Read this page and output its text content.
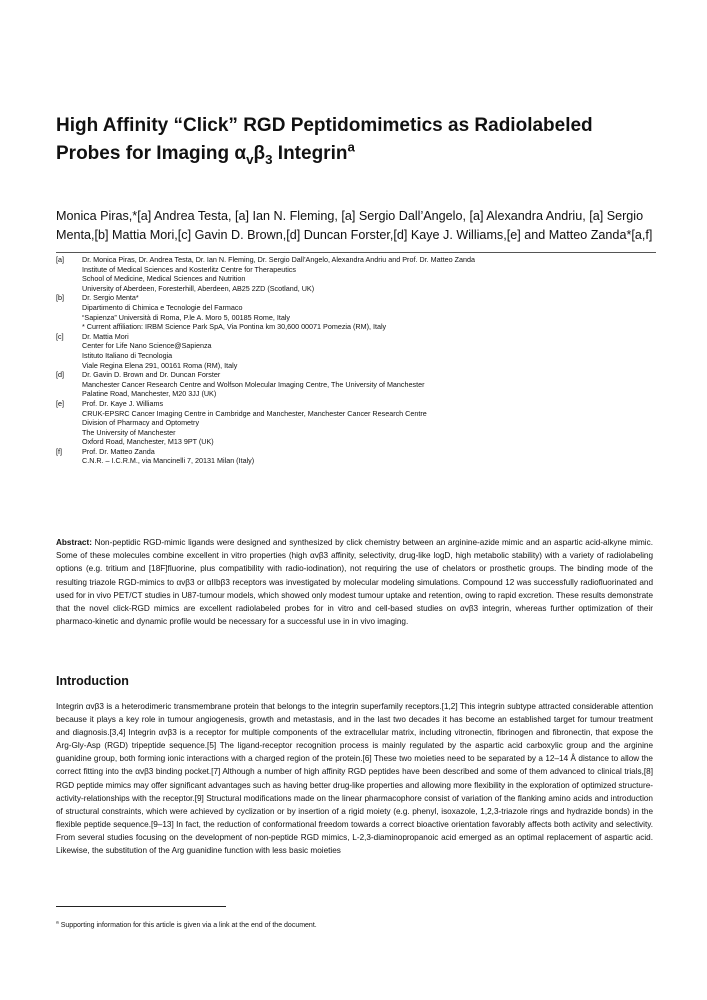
High Affinity “Click” RGD Peptidomimetics as Radiolabeled Probes for Imaging $\alpha_v\beta_3$ Integrin$^a$

Monica Piras,*[a] Andrea Testa, [a] Ian N. Fleming, [a] Sergio Dall’Angelo, [a] Alexandra Andriu, [a] Sergio Menta,[b] Mattia Mori,[c] Gavin D. Brown,[d] Duncan Forster,[d] Kaye J. Williams,[e] and Matteo Zanda*[a,f]

[a]	Dr. Monica Piras, Dr. Andrea Testa, Dr. Ian N. Fleming, Dr. Sergio Dall’Angelo, Alexandra Andriu and Prof. Dr. Matteo Zanda
Institute of Medical Sciences and Kosterlitz Centre for Therapeutics
School of Medicine, Medical Sciences and Nutrition
University of Aberdeen, Foresterhill, Aberdeen, AB25 2ZD (Scotland, UK)
[b]	Dr. Sergio Menta*
Dipartimento di Chimica e Tecnologie del Farmaco
“Sapienza” Università di Roma, P.le A. Moro 5, 00185 Rome, Italy
* Current affiliation: IRBM Science Park SpA, Via Pontina km 30,600 00071 Pomezia (RM), Italy
[c]	Dr. Mattia Mori
Center for Life Nano Science@Sapienza
Istituto Italiano di Tecnologia
Viale Regina Elena 291, 00161 Roma (RM), Italy
[d]	Dr. Gavin D. Brown and Dr. Duncan Forster
Manchester Cancer Research Centre and Wolfson Molecular Imaging Centre, The University of Manchester
Palatine Road, Manchester, M20 3JJ (UK)
[e]	Prof. Dr. Kaye J. Williams
CRUK-EPSRC Cancer Imaging Centre in Cambridge and Manchester, Manchester Cancer Research Centre
Division of Pharmacy and Optometry
The University of Manchester
Oxford Road, Manchester, M13 9PT (UK)
[f]	Prof. Dr. Matteo Zanda
C.N.R. – I.C.R.M., via Mancinelli 7, 20131 Milan (Italy)

Abstract: Non-peptidic RGD-mimic ligands were designed and synthesized by click chemistry between an arginine-azide mimic and an aspartic acid-alkyne mimic. Some of these molecules combine excellent in vitro properties (high αvβ3 affinity, selectivity, drug-like logD, high metabolic stability) with a variety of radiolabeling options (e.g. tritium and [18F]fluorine, plus compatibility with radio-iodination), not requiring the use of chelators or prosthetic groups. The binding mode of the resulting triazole RGD-mimics to αvβ3 or αIIbβ3 receptors was investigated by molecular modeling simulations. Compound 12 was successfully radiofluorinated and used for in vivo PET/CT studies in U87-tumour models, which showed only modest tumour uptake and retention, owing to rapid excretion. These results demonstrate that the novel click-RGD mimics are excellent radiolabeled probes for in vitro and cell-based studies on αvβ3 integrin, whereas further optimization of their pharmaco-kinetic and dynamic profile would be necessary for a successful use in in vivo imaging.

Introduction

Integrin αvβ3 is a heterodimeric transmembrane protein that belongs to the integrin superfamily receptors.[1,2] This integrin subtype attracted considerable attention because it plays a key role in tumour angiogenesis, growth and metastasis, and in the last two decades it has become an established target for tumour treatment and diagnosis.[3,4] Integrin αvβ3 is a receptor for multiple components of the extracellular matrix, including vitronectin, fibrinogen and fibronectin, that expose the Arg-Gly-Asp (RGD) tripeptide sequence.[5] The ligand-receptor recognition process is mainly regulated by the aspartic acid carboxylic group and the arginine guanidine group, both forming ionic interactions with a charged region of the protein.[6] These two moieties need to be separated by a 12–14 Å distance to allow the correct fitting into the αvβ3 binding pocket.[7] Although a number of high affinity RGD peptides have been described and some of them advanced to clinical trials,[8] RGD peptide mimics may offer significant advantages such as having better drug-like properties and allowing more flexibility in the exploration of optimized structure-activity-relationships with the receptor.[9] Structural modifications made on the linear pharmacophore consist of variation of the flanking amino acids and introduction of structural constraints, which were achieved by cyclization or by insertion of a rigid moiety (e.g. phenyl, isoxazole, 1,2,3-triazole rings and hydrazide bonds) in the flexible peptide sequence.[9–13] In fact, the reduction of conformational freedom towards a correct bioactive orientation favorably affects both activity and selectivity. From several studies focusing on the development of non-peptide RGD mimics, L-2,3-diaminopropanoic acid emerged as an optimal replacement of aspartic acid. Likewise, the substitution of the Arg guanidine function with less basic moieties

$^a$ Supporting information for this article is given via a link at the end of the document.
